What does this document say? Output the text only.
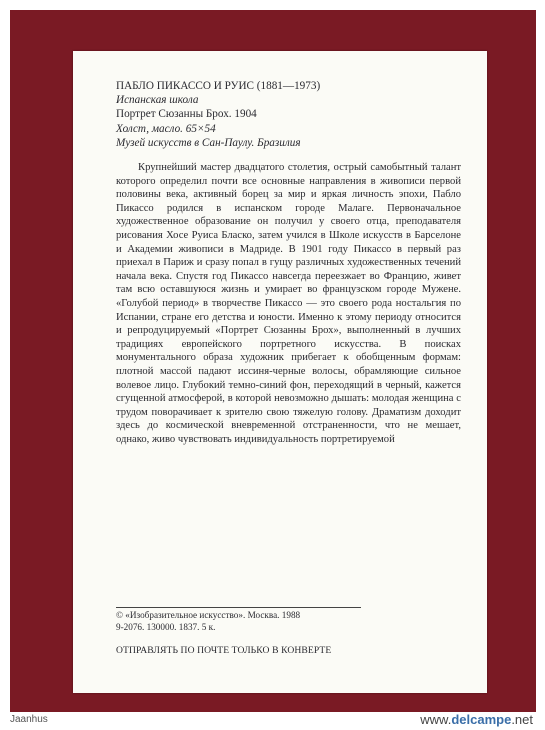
ПАБЛО ПИКАССО И РУИС (1881—1973)
Испанская школа
Портрет Сюзанны Брох. 1904
Холст, масло. 65×54
Музей искусств в Сан-Паулу. Бразилия

Крупнейший мастер двадцатого столетия, острый самобытный талант которого определил почти все основные направления в живописи первой половины века, активный борец за мир и яркая личность эпохи, Пабло Пикассо родился в испанском городе Малаге. Первоначальное художественное образование он получил у своего отца, преподавателя рисования Хосе Руиса Бласко, затем учился в Школе искусств в Барселоне и Академии живописи в Мадриде. В 1901 году Пикассо в первый раз приехал в Париж и сразу попал в гущу различных художественных течений начала века. Спустя год Пикассо навсегда переезжает во Францию, живет там всю оставшуюся жизнь и умирает во французском городе Мужене. «Голубой период» в творчестве Пикассо — это своего рода ностальгия по Испании, стране его детства и юности. Именно к этому периоду относится и репродуцируемый «Портрет Сюзанны Брох», выполненный в лучших традициях европейского портретного искусства. В поисках монументального образа художник прибегает к обобщенным формам: плотной массой падают иссиня-черные волосы, обрамляющие сильное волевое лицо. Глубокий темно-синий фон, переходящий в черный, кажется сгущенной атмосферой, в которой невозможно дышать: молодая женщина с трудом поворачивает к зрителю свою тяжелую голову. Драматизм доходит здесь до космической вневременной отстраненности, что не мешает, однако, живо чувствовать индивидуальность портретируемой

© «Изобразительное искусство». Москва. 1988
9-2076. 130000. 1837. 5 к.
ОТПРАВЛЯТЬ ПО ПОЧТЕ ТОЛЬКО В КОНВЕРТЕ
Jaanhus	www.delcampe.net
